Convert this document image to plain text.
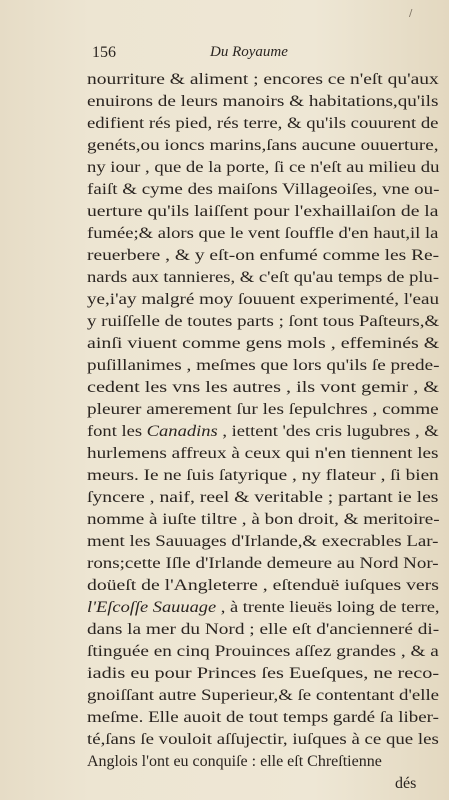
/
156	Du Royaume
nourriture & aliment ; encores ce n'eſt qu'aux
enuirons de leurs manoirs & habitations,qu'ils
edifient rés pied, rés terre, & qu'ils couurent de
genéts,ou ioncs marins,ſans aucune ouuerture,
ny iour , que de la porte, ſi ce n'eſt au milieu du
faiſt & cyme des maiſons Villageoiſes, vne ou-
uerture qu'ils laiſſent pour l'exhaillaiſon de la
fumée;& alors que le vent ſouffle d'en haut,il la
reuerbere , & y eſt-on enfumé comme les Re-
nards aux tannieres, & c'eſt qu'au temps de plu-
ye,i'ay malgré moy ſouuent experimenté, l'eau
y ruiſſelle de toutes parts ; ſont tous Paſteurs,&
ainſi viuent comme gens mols , effeminés &
puſillanimes , meſmes que lors qu'ils ſe prede-
cedent les vns les autres , ils vont gemir , &
pleurer amerement ſur les ſepulchres , comme
font les Canadins , iettent 'des cris lugubres , &
hurlemens affreux à ceux qui n'en tiennent les
meurs. Ie ne ſuis ſatyrique , ny flateur , ſi bien
ſyncere , naif, reel & veritable ; partant ie les
nomme à iuſte tiltre , à bon droit, & meritoire-
ment les Sauuages d'Irlande,& execrables Lar-
rons;cette Iſle d'Irlande demeure au Nord Nor-
doüeſt de l'Angleterre , eſtenduë iuſques vers
l'Eſcoſſe Sauuage , à trente lieuës loing de terre,
dans la mer du Nord ; elle eſt d'ancienneré di-
ſtinguée en cinq Prouinces aſſez grandes , & a
iadis eu pour Princes ſes Eueſques, ne reco-
gnoiſſant autre Superieur,& ſe contentant d'elle
meſme. Elle auoit de tout temps gardé ſa liber-
té,ſans ſe vouloit aſſujectir, iuſques à ce que les
Anglois l'ont eu conquiſe : elle eſt Chreſtienne
dés
